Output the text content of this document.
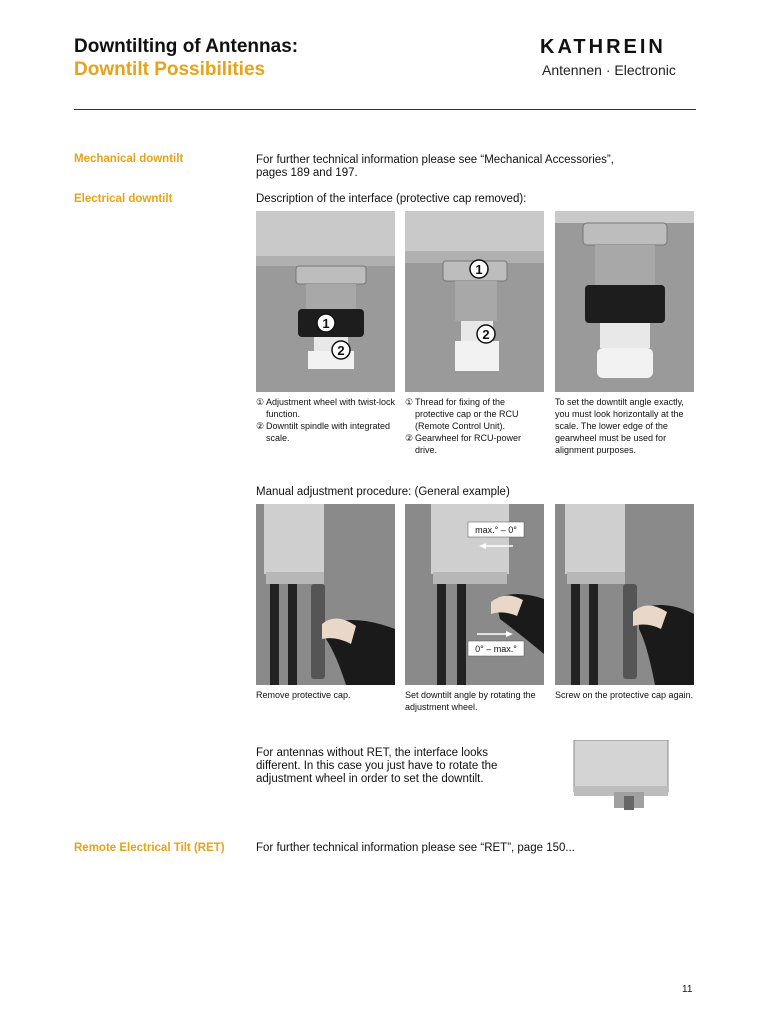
Downtilting of Antennas:
Downtilt Possibilities
KATHREIN
Antennen · Electronic
Mechanical downtilt	For further technical information please see “Mechanical Accessories”,
pages 189 and 197.
Electrical downtilt	Description of the interface (protective cap removed):
1
2
1
2
① Adjustment wheel with twist-lock function.
② Downtilt spindle with integrated scale.
① Thread for fixing of the protective cap or the RCU (Remote Control Unit).
② Gearwheel for RCU-power drive.
To set the downtilt angle exactly, you must look horizontally at the scale. The lower edge of the gearwheel must be used for alignment purposes.
Manual adjustment procedure: (General example)
max.° – 0°
0° – max.°
Remove protective cap.	Set downtilt angle by rotating the adjustment wheel.
Screw on the protective cap again.
For antennas without RET, the interface looks
different. In this case you just have to rotate the
adjustment wheel in order to set the downtilt.
Remote Electrical Tilt (RET)	For further technical information please see “RET”, page 150...
11
